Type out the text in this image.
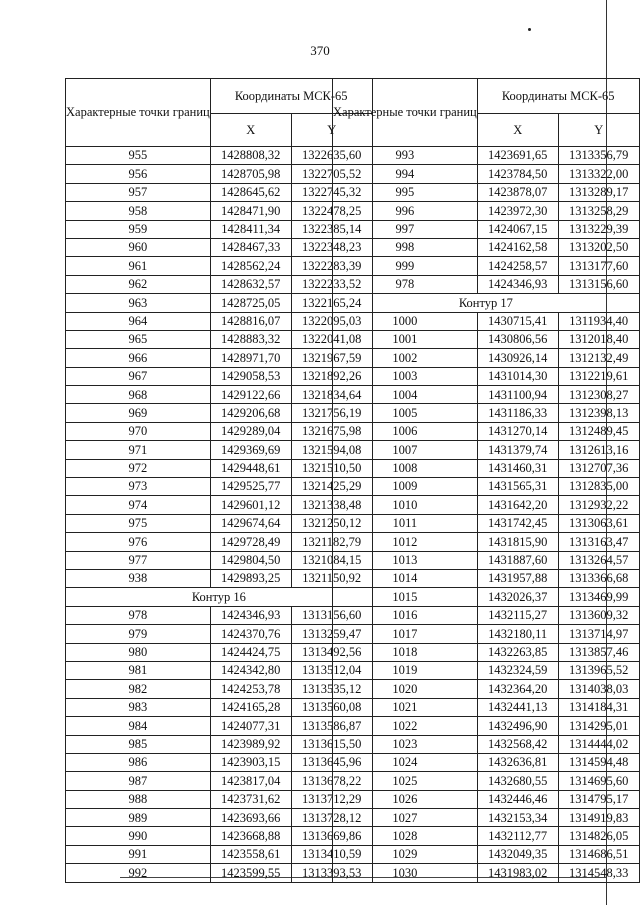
370
Характерные точки границ	Координаты МСК-65	
	X	Y
955	1428808,32	1322635,60
956	1428705,98	1322705,52
957	1428645,62	1322745,32
958	1428471,90	1322478,25
959	1428411,34	1322385,14
960	1428467,33	1322348,23
961	1428562,24	1322283,39
962	1428632,57	1322233,52
963	1428725,05	1322165,24
964	1428816,07	1322095,03
965	1428883,32	1322041,08
966	1428971,70	1321967,59
967	1429058,53	1321892,26
968	1429122,66	1321834,64
969	1429206,68	1321756,19
970	1429289,04	1321675,98
971	1429369,69	1321594,08
972	1429448,61	1321510,50
973	1429525,77	1321425,29
974	1429601,12	1321338,48
975	1429674,64	1321250,12
976	1429728,49	1321182,79
977	1429804,50	1321084,15
938	1429893,25	1321150,92
Контур 16		
978	1424346,93	1313156,60
979	1424370,76	1313259,47
980	1424424,75	1313492,56
981	1424342,80	1313512,04
982	1424253,78	1313535,12
983	1424165,28	1313560,08
984	1424077,31	1313586,87
985	1423989,92	1313615,50
986	1423903,15	1313645,96
987	1423817,04	1313678,22
988	1423731,62	1313712,29
989	1423693,66	1313728,12
990	1423668,88	1313669,86
991	1423558,61	1313410,59
992	1423599,55	1313393,53
Характерные точки границ	Координаты МСК-65	
	X	Y
993	1423691,65	1313356,79
994	1423784,50	1313322,00
995	1423878,07	1313289,17
996	1423972,30	1313258,29
997	1424067,15	1313229,39
998	1424162,58	1313202,50
999	1424258,57	1313177,60
978	1424346,93	1313156,60
Контур 17		
1000	1430715,41	1311934,40
1001	1430806,56	1312018,40
1002	1430926,14	1312132,49
1003	1431014,30	1312219,61
1004	1431100,94	1312308,27
1005	1431186,33	1312398,13
1006	1431270,14	1312489,45
1007	1431379,74	1312613,16
1008	1431460,31	1312707,36
1009	1431565,31	1312835,00
1010	1431642,20	1312932,22
1011	1431742,45	1313063,61
1012	1431815,90	1313163,47
1013	1431887,60	1313264,57
1014	1431957,88	1313366,68
1015	1432026,37	1313469,99
1016	1432115,27	1313609,32
1017	1432180,11	1313714,97
1018	1432263,85	1313857,46
1019	1432324,59	1313965,52
1020	1432364,20	1314038,03
1021	1432441,13	1314184,31
1022	1432496,90	1314295,01
1023	1432568,42	1314444,02
1024	1432636,81	1314594,48
1025	1432680,55	1314695,60
1026	1432446,46	1314795,17
1027	1432153,34	1314919,83
1028	1432112,77	1314826,05
1029	1432049,35	1314686,51
1030	1431983,02	1314548,33
